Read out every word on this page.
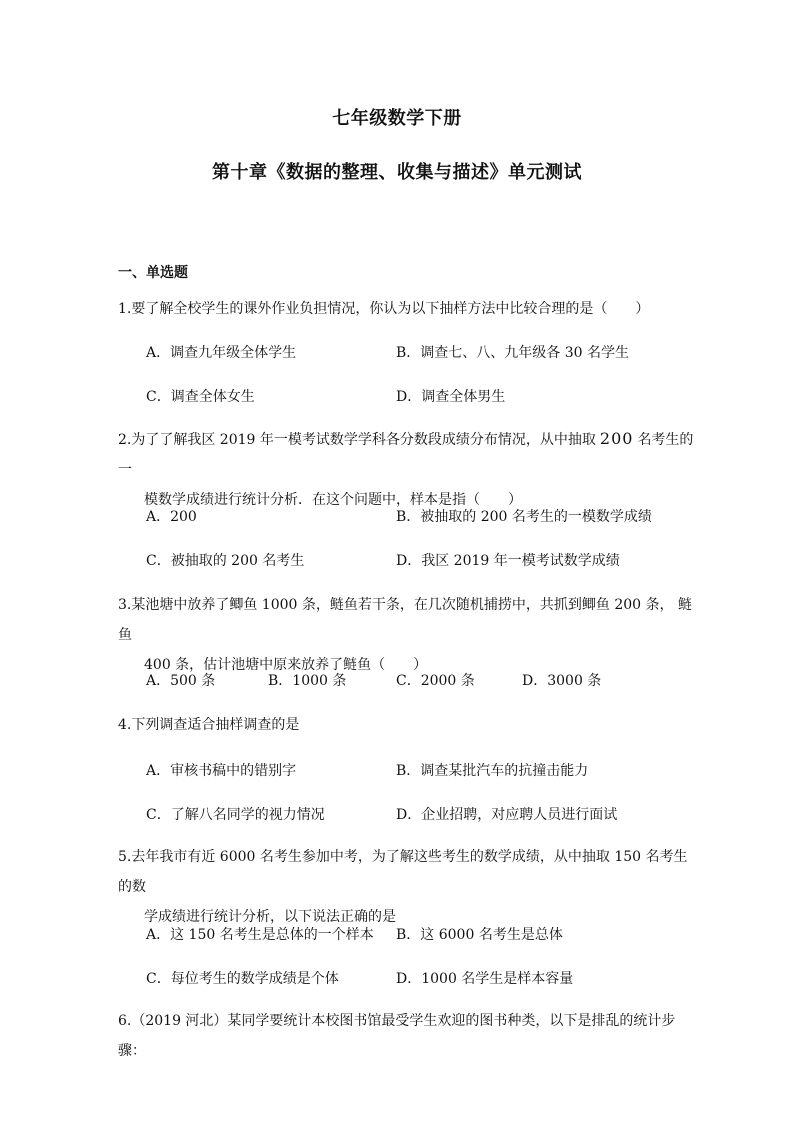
七年级数学下册
第十章《数据的整理、收集与描述》单元测试
一、单选题
1.要了解全校学生的课外作业负担情况，你认为以下抽样方法中比较合理的是（　　）
A．调查九年级全体学生	B．调查七、八、九年级各 30 名学生
C．调查全体女生	D．调查全体男生
2.为了了解我区 2019 年一模考试数学学科各分数段成绩分布情况，从中抽取 200 名考生的一
模数学成绩进行统计分析．在这个问题中，样本是指（　　）
A．200	B．被抽取的 200 名考生的一模数学成绩
C．被抽取的 200 名考生	D．我区 2019 年一模考试数学成绩
3.某池塘中放养了鲫鱼 1000 条，鲢鱼若干条，在几次随机捕捞中，共抓到鲫鱼 200 条， 鲢鱼
400 条，估计池塘中原来放养了鲢鱼（　　）
A．500 条	B．1000 条	C．2000 条	D．3000 条
4.下列调查适合抽样调查的是
A．审核书稿中的错别字	B．调查某批汽车的抗撞击能力
C．了解八名同学的视力情况	D．企业招聘，对应聘人员进行面试
5.去年我市有近 6000 名考生参加中考，为了解这些考生的数学成绩，从中抽取 150 名考生的数
学成绩进行统计分析，以下说法正确的是
A．这 150 名考生是总体的一个样本 B．这 6000 名考生是总体
C．每位考生的数学成绩是个体	D．1000 名学生是样本容量
6.（2019 河北）某同学要统计本校图书馆最受学生欢迎的图书种类，以下是排乱的统计步骤：
